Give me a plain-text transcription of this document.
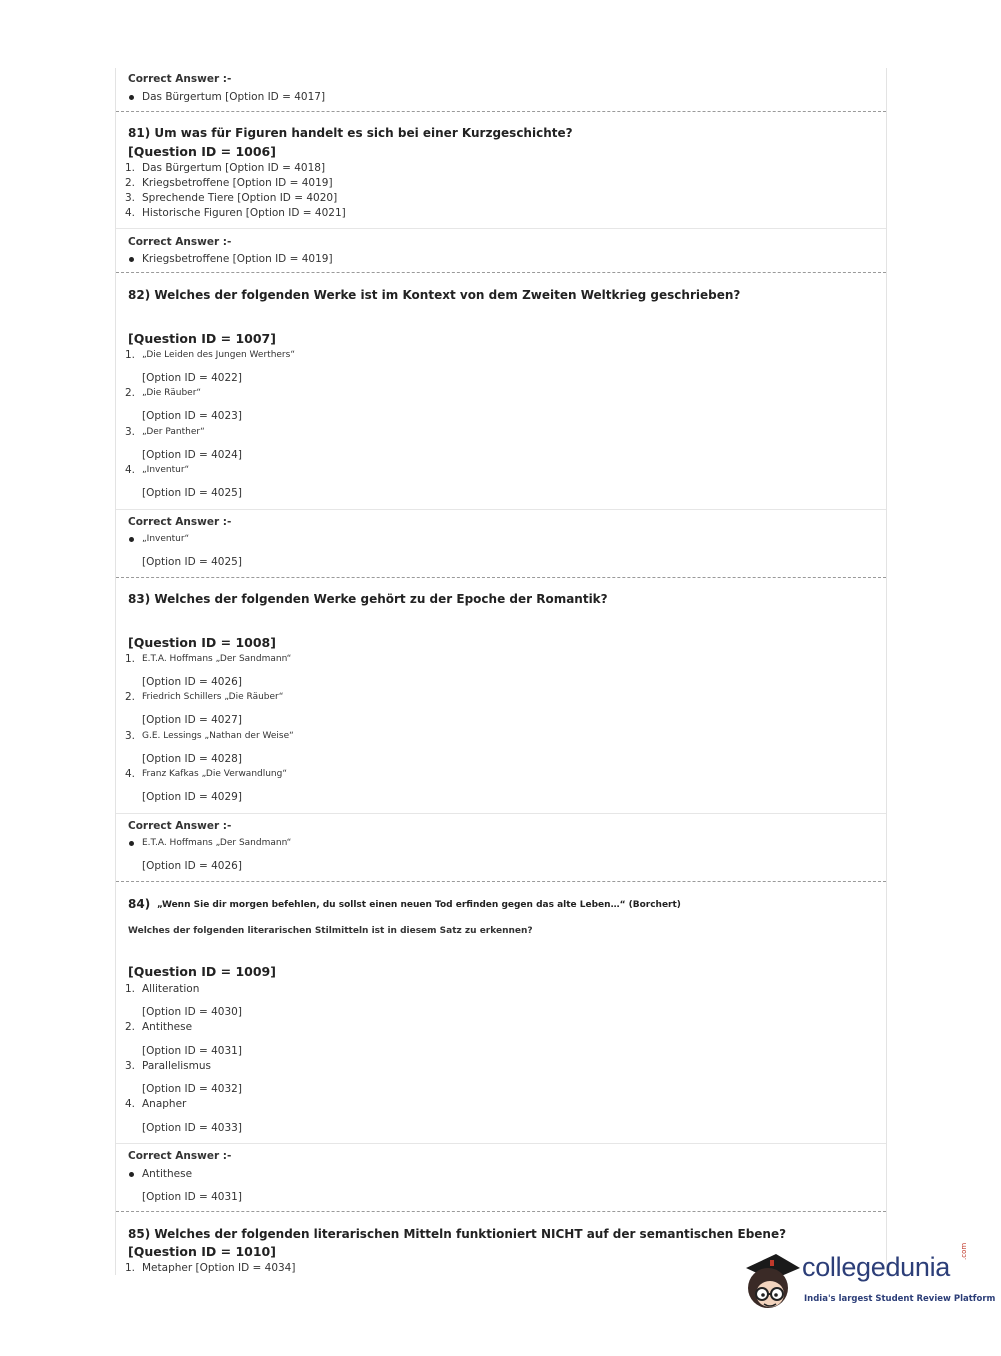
Correct Answer :-
Das Bürgertum [Option ID = 4017]
81) Um was für Figuren handelt es sich bei einer Kurzgeschichte?
[Question ID = 1006]
1. Das Bürgertum [Option ID = 4018]
2. Kriegsbetroffene [Option ID = 4019]
3. Sprechende Tiere [Option ID = 4020]
4. Historische Figuren [Option ID = 4021]
Correct Answer :-
Kriegsbetroffene [Option ID = 4019]
82) Welches der folgenden Werke ist im Kontext von dem Zweiten Weltkrieg geschrieben?
[Question ID = 1007]
1. „Die Leiden des Jungen Werthers“
[Option ID = 4022]
2. „Die Räuber“
[Option ID = 4023]
3. „Der Panther“
[Option ID = 4024]
4. „Inventur“
[Option ID = 4025]
Correct Answer :-
„Inventur“
[Option ID = 4025]
83) Welches der folgenden Werke gehört zu der Epoche der Romantik?
[Question ID = 1008]
1. E.T.A. Hoffmans „Der Sandmann“
[Option ID = 4026]
2. Friedrich Schillers „Die Räuber“
[Option ID = 4027]
3. G.E. Lessings „Nathan der Weise“
[Option ID = 4028]
4. Franz Kafkas „Die Verwandlung“
[Option ID = 4029]
Correct Answer :-
E.T.A. Hoffmans „Der Sandmann“
[Option ID = 4026]
84) „Wenn Sie dir morgen befehlen, du sollst einen neuen Tod erfinden gegen das alte Leben…“ (Borchert)
Welches der folgenden literarischen Stilmitteln ist in diesem Satz zu erkennen?
[Question ID = 1009]
1. Alliteration
[Option ID = 4030]
2. Antithese
[Option ID = 4031]
3. Parallelismus
[Option ID = 4032]
4. Anapher
[Option ID = 4033]
Correct Answer :-
Antithese
[Option ID = 4031]
85) Welches der folgenden literarischen Mitteln funktioniert NICHT auf der semantischen Ebene?
[Question ID = 1010]
1. Metapher [Option ID = 4034]	collegedunia
.com
India's largest Student Review Platform
